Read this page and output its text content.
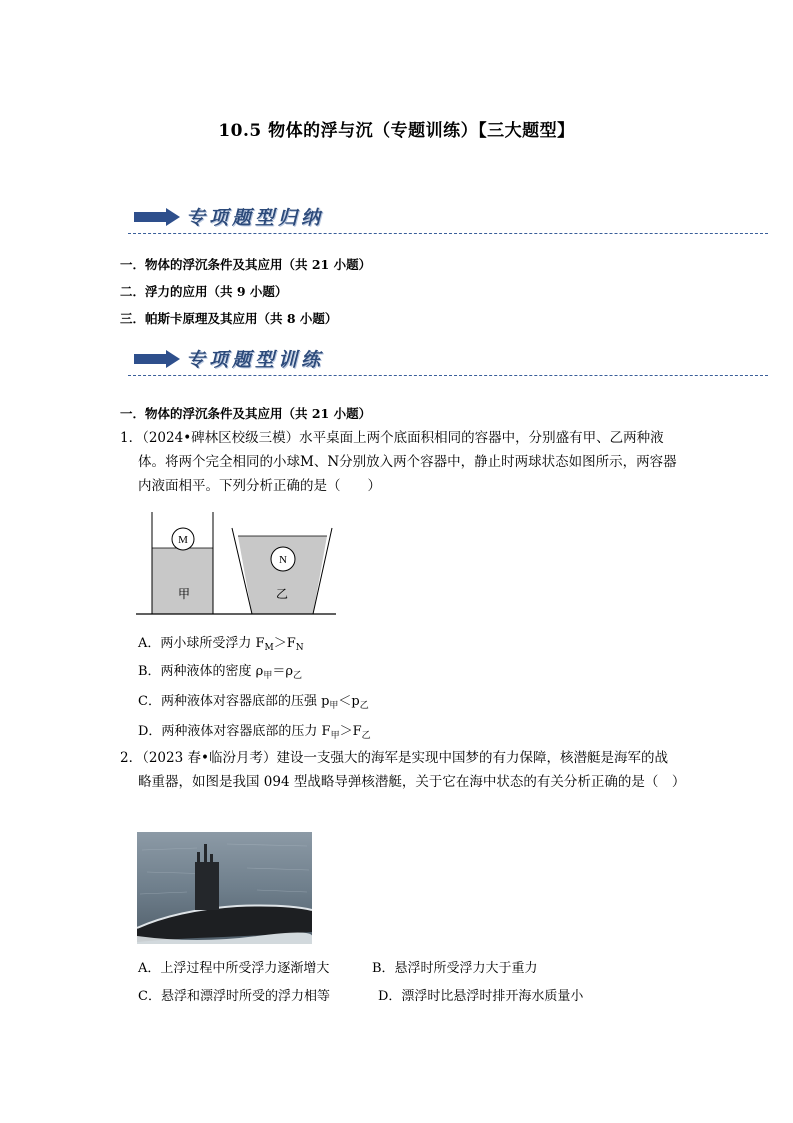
10.5 物体的浮与沉（专题训练）【三大题型】
专项题型归纳
一．物体的浮沉条件及其应用（共 21 小题）
二．浮力的应用（共 9 小题）
三．帕斯卡原理及其应用（共 8 小题）
专项题型训练
一．物体的浮沉条件及其应用（共 21 小题）
1．（2024•碑林区校级三模）水平桌面上两个底面积相同的容器中，分别盛有甲、乙两种液体。将两个完全相同的小球M、N分别放入两个容器中，静止时两球状态如图所示，两容器内液面相平。下列分析正确的是（　　）
M
甲
N
乙
A．两小球所受浮力 $F_M>F_N$
B．两种液体的密度 $\rho_甲=\rho_乙$
C．两种液体对容器底部的压强 $p_甲<p_乙$
D．两种液体对容器底部的压力 $F_甲>F_乙$
2．（2023 春•临汾月考）建设一支强大的海军是实现中国梦的有力保障，核潜艇是海军的战略重器，如图是我国 094 型战略导弹核潜艇，关于它在海中状态的有关分析正确的是（　）
A．上浮过程中所受浮力逐渐增大	B．悬浮时所受浮力大于重力
C．悬浮和漂浮时所受的浮力相等	D．漂浮时比悬浮时排开海水质量小
